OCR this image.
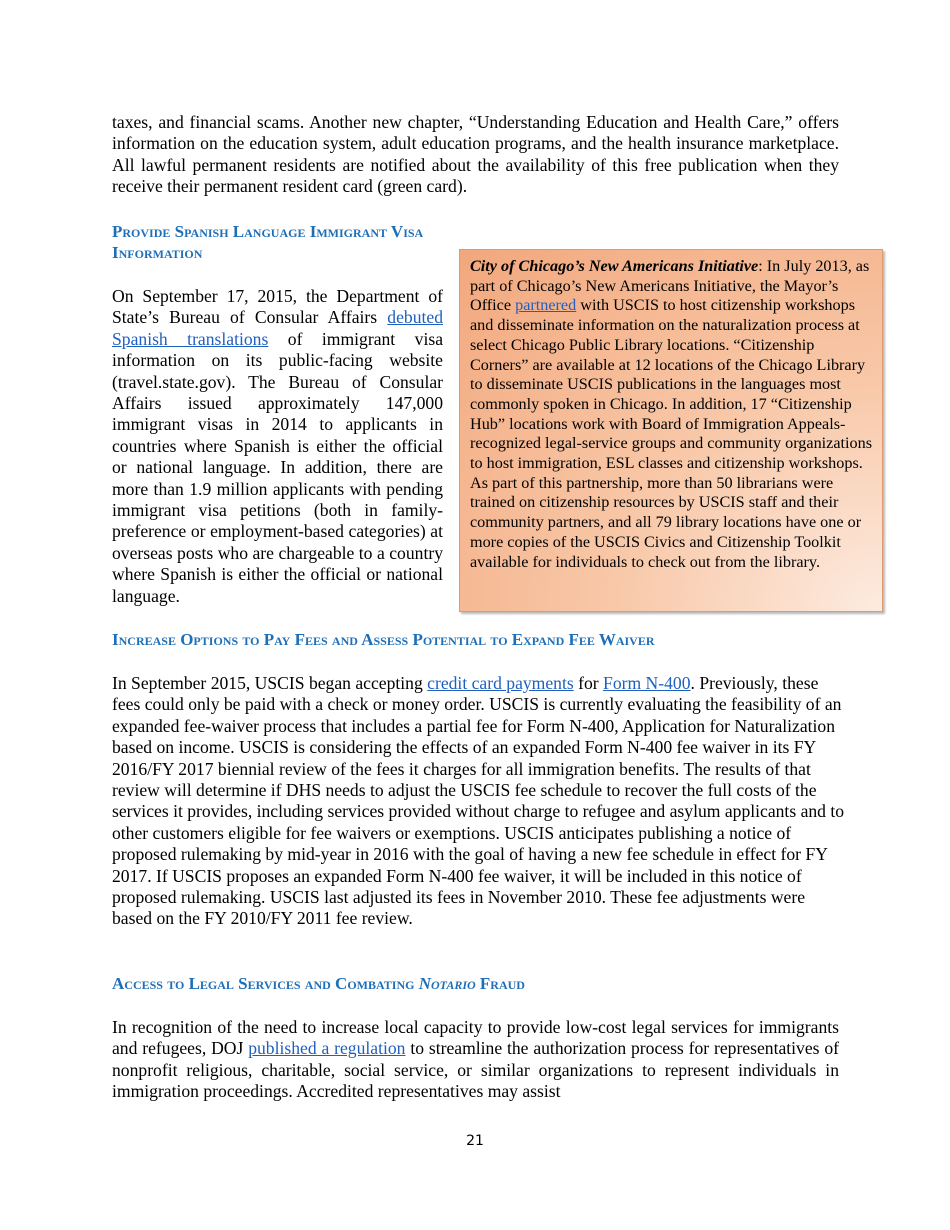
taxes, and financial scams. Another new chapter, “Understanding Education and Health Care,” offers information on the education system, adult education programs, and the health insurance marketplace. All lawful permanent residents are notified about the availability of this free publication when they receive their permanent resident card (green card).

Provide Spanish Language Immigrant Visa Information

On September 17, 2015, the Department of State’s Bureau of Consular Affairs debuted Spanish translations of immigrant visa information on its public-facing website (travel.state.gov). The Bureau of Consular Affairs issued approximately 147,000 immigrant visas in 2014 to applicants in countries where Spanish is either the official or national language. In addition, there are more than 1.9 million applicants with pending immigrant visa petitions (both in family-preference or employment-based categories) at overseas posts who are chargeable to a country where Spanish is either the official or national language.

City of Chicago’s New Americans Initiative: In July 2013, as part of Chicago’s New Americans Initiative, the Mayor’s Office partnered with USCIS to host citizenship workshops and disseminate information on the naturalization process at select Chicago Public Library locations. “Citizenship Corners” are available at 12 locations of the Chicago Library to disseminate USCIS publications in the languages most commonly spoken in Chicago. In addition, 17 “Citizenship Hub” locations work with Board of Immigration Appeals- recognized legal-service groups and community organizations to host immigration, ESL classes and citizenship workshops. As part of this partnership, more than 50 librarians were trained on citizenship resources by USCIS staff and their community partners, and all 79 library locations have one or more copies of the USCIS Civics and Citizenship Toolkit available for individuals to check out from the library.

Increase Options to Pay Fees and Assess Potential to Expand Fee Waiver

In September 2015, USCIS began accepting credit card payments for Form N-400. Previously, these fees could only be paid with a check or money order. USCIS is currently evaluating the feasibility of an expanded fee-waiver process that includes a partial fee for Form N-400, Application for Naturalization based on income. USCIS is considering the effects of an expanded Form N-400 fee waiver in its FY 2016/FY 2017 biennial review of the fees it charges for all immigration benefits. The results of that review will determine if DHS needs to adjust the USCIS fee schedule to recover the full costs of the services it provides, including services provided without charge to refugee and asylum applicants and to other customers eligible for fee waivers or exemptions. USCIS anticipates publishing a notice of proposed rulemaking by mid-year in 2016 with the goal of having a new fee schedule in effect for FY 2017. If USCIS proposes an expanded Form N-400 fee waiver, it will be included in this notice of proposed rulemaking. USCIS last adjusted its fees in November 2010. These fee adjustments were based on the FY 2010/FY 2011 fee review.

Access to Legal Services and Combating Notario Fraud

In recognition of the need to increase local capacity to provide low-cost legal services for immigrants and refugees, DOJ published a regulation to streamline the authorization process for representatives of nonprofit religious, charitable, social service, or similar organizations to represent individuals in immigration proceedings. Accredited representatives may assist

21
